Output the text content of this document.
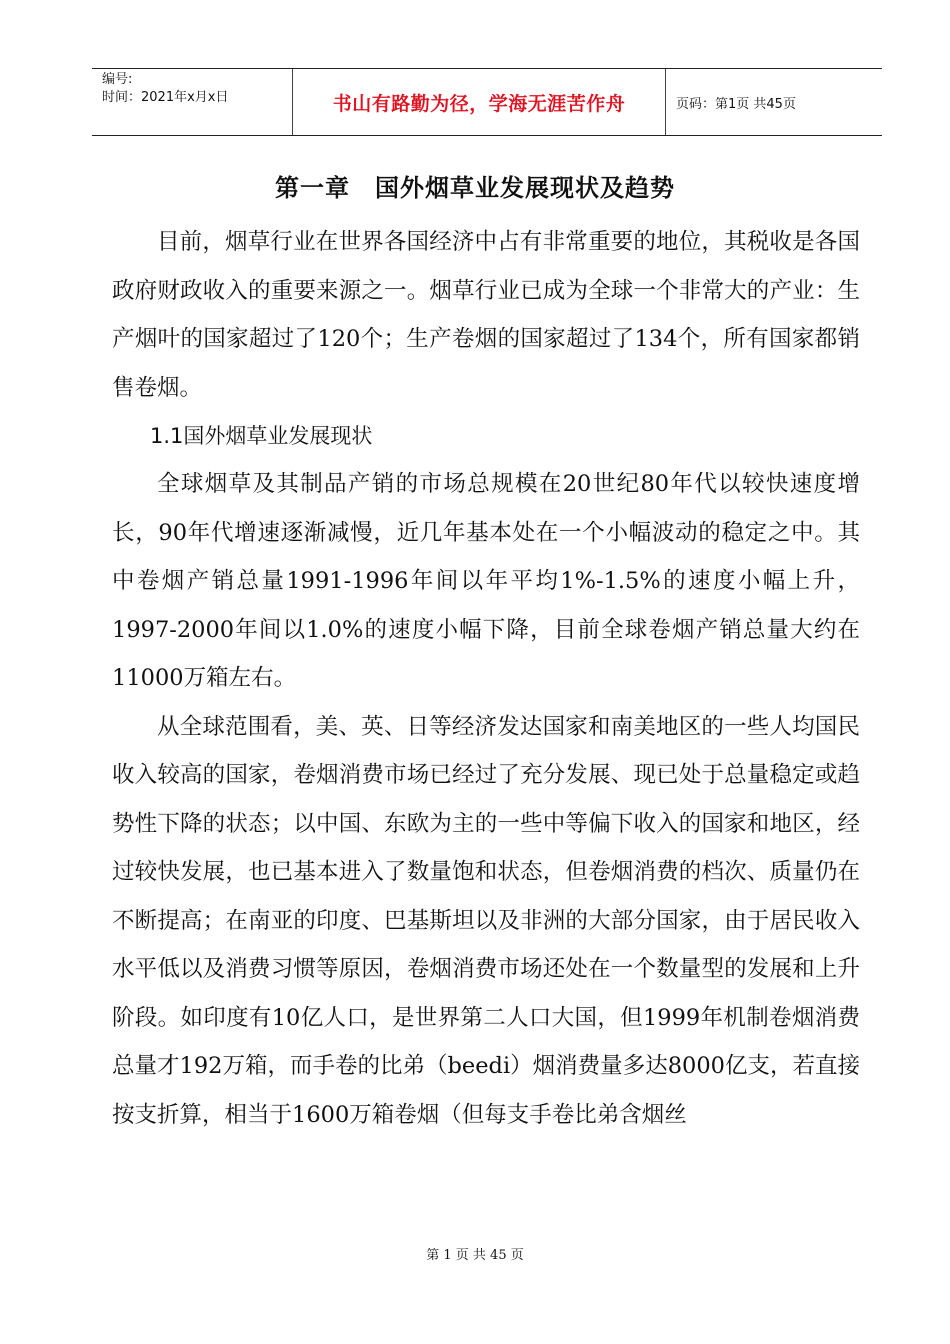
编号:
时间：2021年x月x日	书山有路勤为径，学海无涯苦作舟	页码：第1页 共45页
第一章　国外烟草业发展现状及趋势

目前，烟草行业在世界各国经济中占有非常重要的地位，其税收是各国政府财政收入的重要来源之一。烟草行业已成为全球一个非常大的产业：生产烟叶的国家超过了120个；生产卷烟的国家超过了134个，所有国家都销售卷烟。

1.1国外烟草业发展现状

全球烟草及其制品产销的市场总规模在20世纪80年代以较快速度增长，90年代增速逐渐减慢，近几年基本处在一个小幅波动的稳定之中。其中卷烟产销总量1991-1996年间以年平均1%-1.5%的速度小幅上升，1997-2000年间以1.0%的速度小幅下降，目前全球卷烟产销总量大约在11000万箱左右。

从全球范围看，美、英、日等经济发达国家和南美地区的一些人均国民收入较高的国家，卷烟消费市场已经过了充分发展、现已处于总量稳定或趋势性下降的状态；以中国、东欧为主的一些中等偏下收入的国家和地区，经过较快发展，也已基本进入了数量饱和状态，但卷烟消费的档次、质量仍在不断提高；在南亚的印度、巴基斯坦以及非洲的大部分国家，由于居民收入水平低以及消费习惯等原因，卷烟消费市场还处在一个数量型的发展和上升阶段。如印度有10亿人口，是世界第二人口大国，但1999年机制卷烟消费总量才192万箱，而手卷的比弟（beedi）烟消费量多达8000亿支，若直接按支折算，相当于1600万箱卷烟（但每支手卷比弟含烟丝

第 1 页 共 45 页
